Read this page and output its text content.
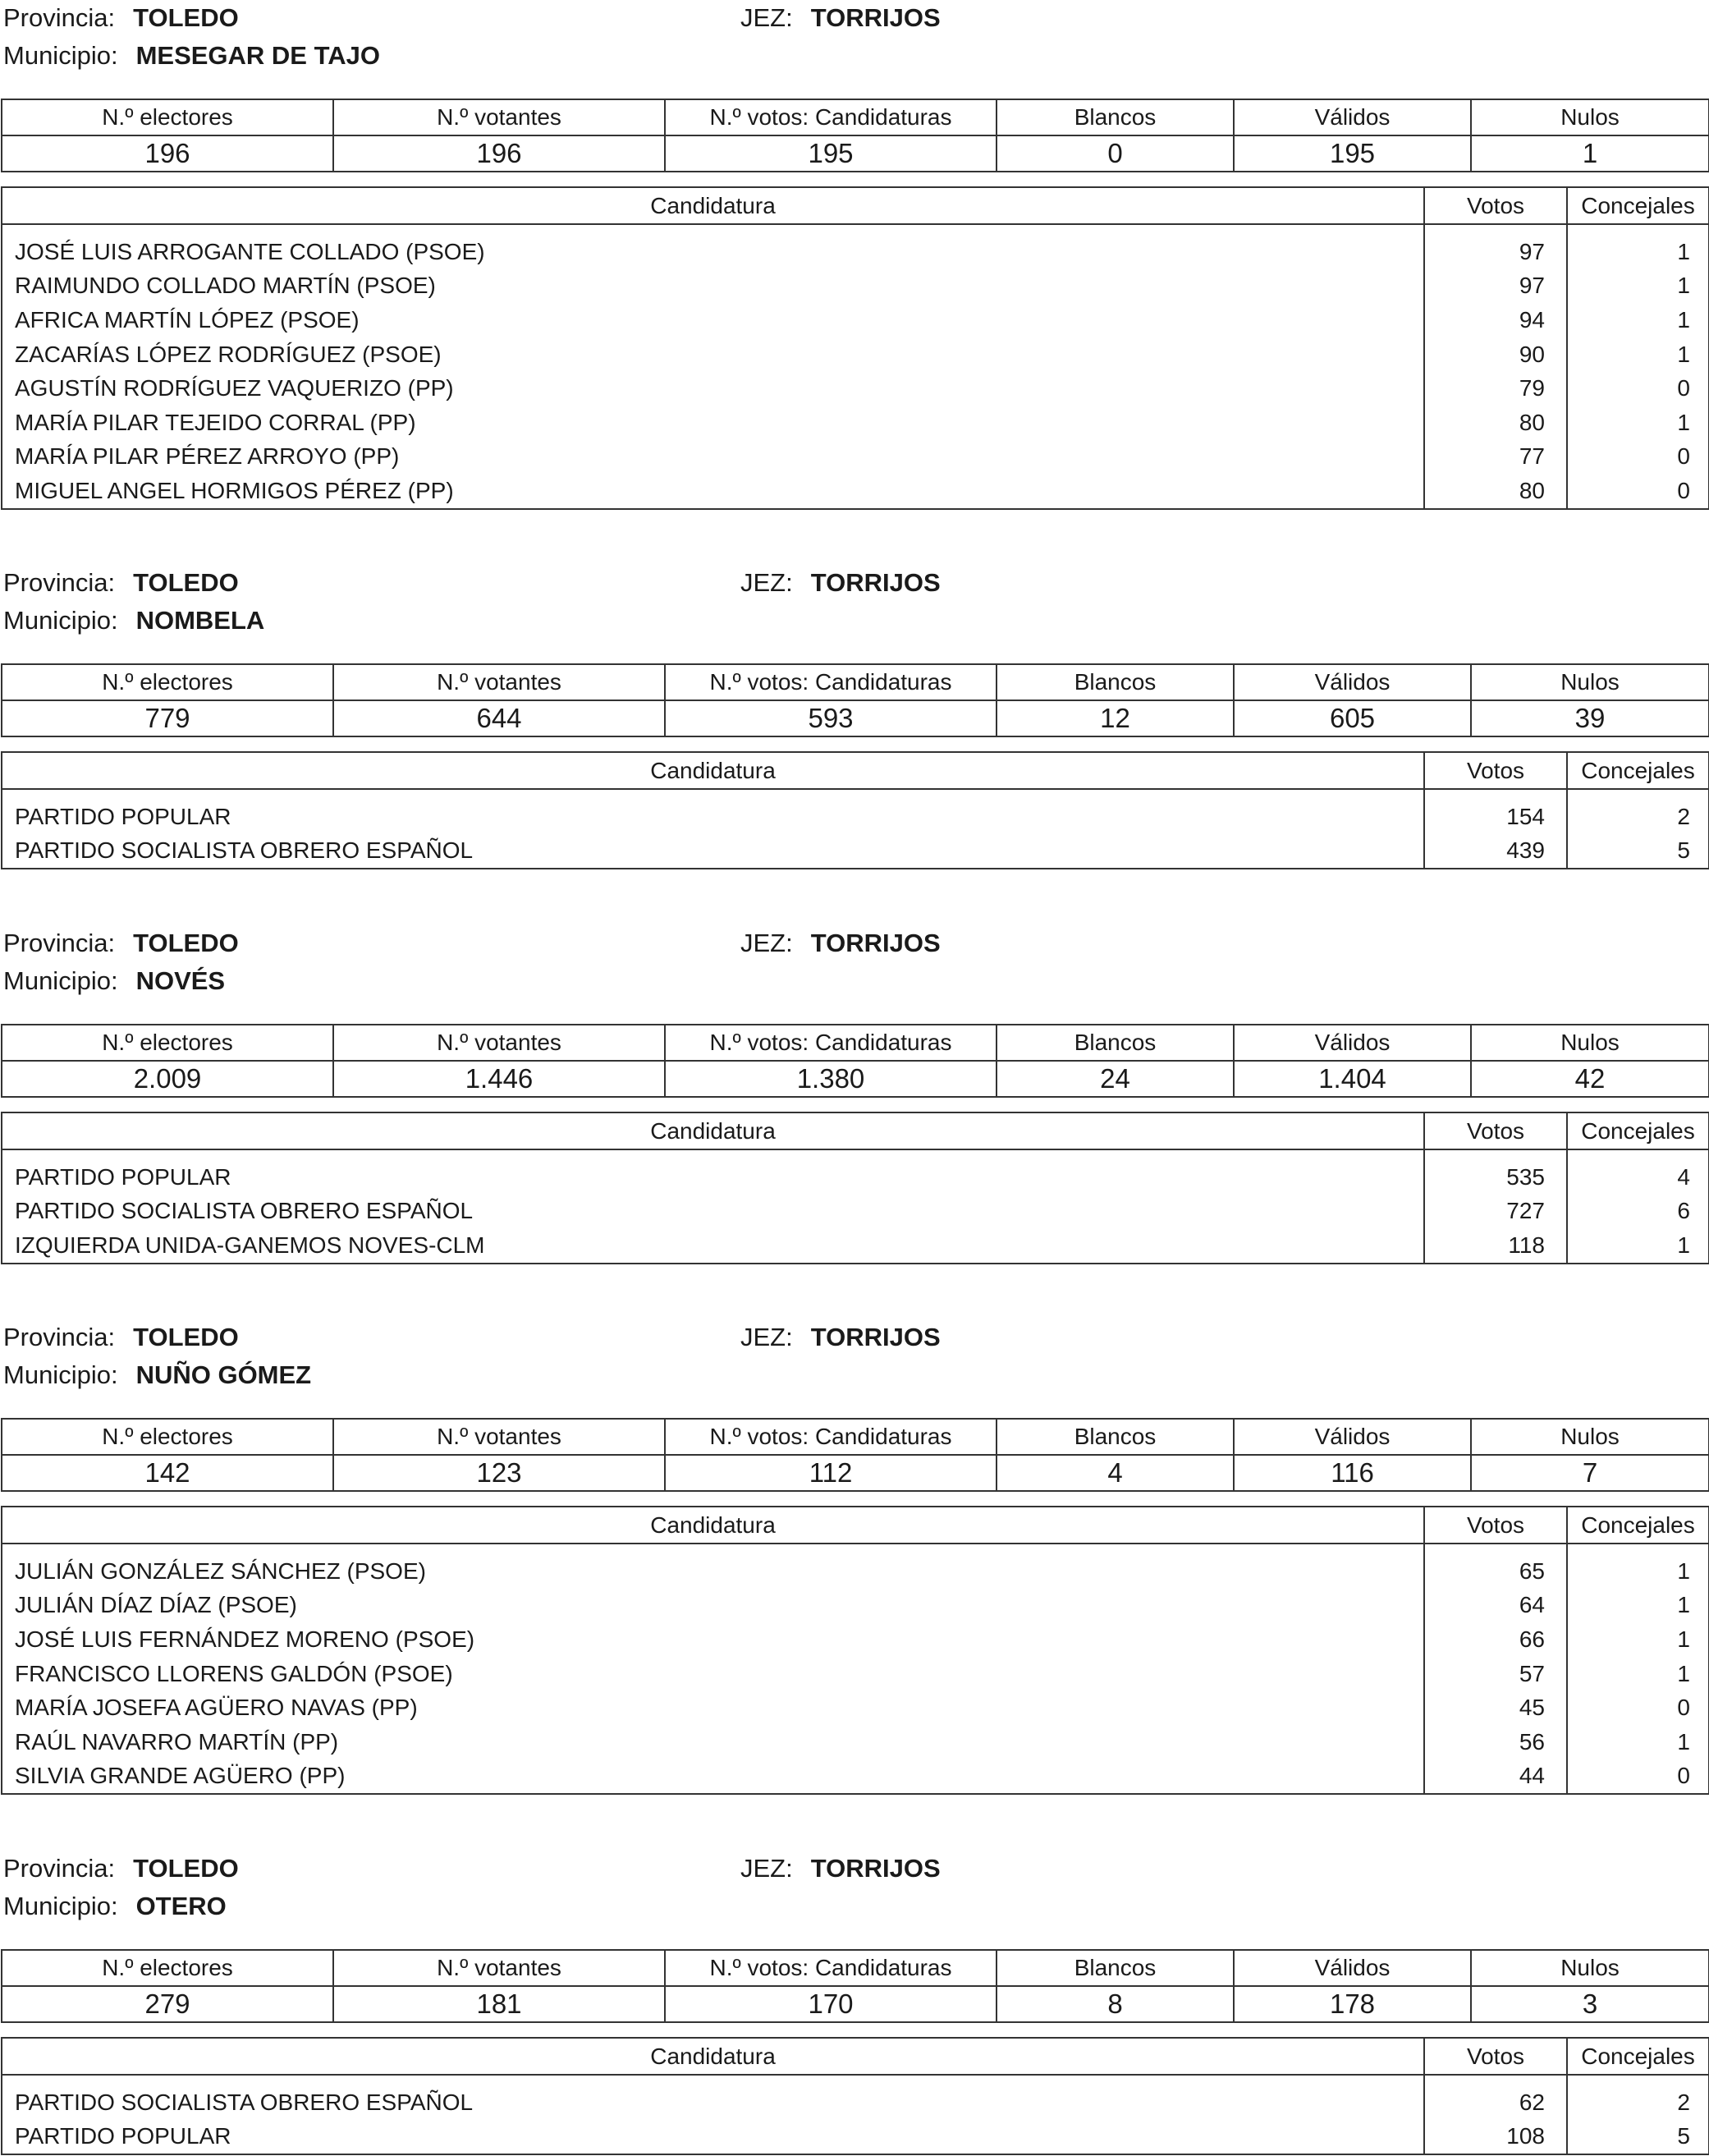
Provincia: TOLEDO	JEZ: TORRIJOS
Municipio: MESEGAR DE TAJO
N.º electores	N.º votantes	N.º votos: Candidaturas	Blancos	Válidos	Nulos
196	196	195	0	195	1
Candidatura	Votos	Concejales
JOSÉ LUIS ARROGANTE COLLADO (PSOE)	97	1
RAIMUNDO COLLADO MARTÍN (PSOE)	97	1
AFRICA MARTÍN LÓPEZ (PSOE)	94	1
ZACARÍAS LÓPEZ RODRÍGUEZ (PSOE)	90	1
AGUSTÍN RODRÍGUEZ VAQUERIZO (PP)	79	0
MARÍA PILAR TEJEIDO CORRAL (PP)	80	1
MARÍA PILAR PÉREZ ARROYO (PP)	77	0
MIGUEL ANGEL HORMIGOS PÉREZ (PP)	80	0
Provincia: TOLEDO	JEZ: TORRIJOS
Municipio: NOMBELA
N.º electores	N.º votantes	N.º votos: Candidaturas	Blancos	Válidos	Nulos
779	644	593	12	605	39
Candidatura	Votos	Concejales
PARTIDO POPULAR	154	2
PARTIDO SOCIALISTA OBRERO ESPAÑOL	439	5
Provincia: TOLEDO	JEZ: TORRIJOS
Municipio: NOVÉS
N.º electores	N.º votantes	N.º votos: Candidaturas	Blancos	Válidos	Nulos
2.009	1.446	1.380	24	1.404	42
Candidatura	Votos	Concejales
PARTIDO POPULAR	535	4
PARTIDO SOCIALISTA OBRERO ESPAÑOL	727	6
IZQUIERDA UNIDA-GANEMOS NOVES-CLM	118	1
Provincia: TOLEDO	JEZ: TORRIJOS
Municipio: NUÑO GÓMEZ
N.º electores	N.º votantes	N.º votos: Candidaturas	Blancos	Válidos	Nulos
142	123	112	4	116	7
Candidatura	Votos	Concejales
JULIÁN GONZÁLEZ SÁNCHEZ (PSOE)	65	1
JULIÁN DÍAZ DÍAZ (PSOE)	64	1
JOSÉ LUIS FERNÁNDEZ MORENO (PSOE)	66	1
FRANCISCO LLORENS GALDÓN (PSOE)	57	1
MARÍA JOSEFA AGÜERO NAVAS (PP)	45	0
RAÚL NAVARRO MARTÍN (PP)	56	1
SILVIA GRANDE AGÜERO (PP)	44	0
Provincia: TOLEDO	JEZ: TORRIJOS
Municipio: OTERO
N.º electores	N.º votantes	N.º votos: Candidaturas	Blancos	Válidos	Nulos
279	181	170	8	178	3
Candidatura	Votos	Concejales
PARTIDO SOCIALISTA OBRERO ESPAÑOL	62	2
PARTIDO POPULAR	108	5
